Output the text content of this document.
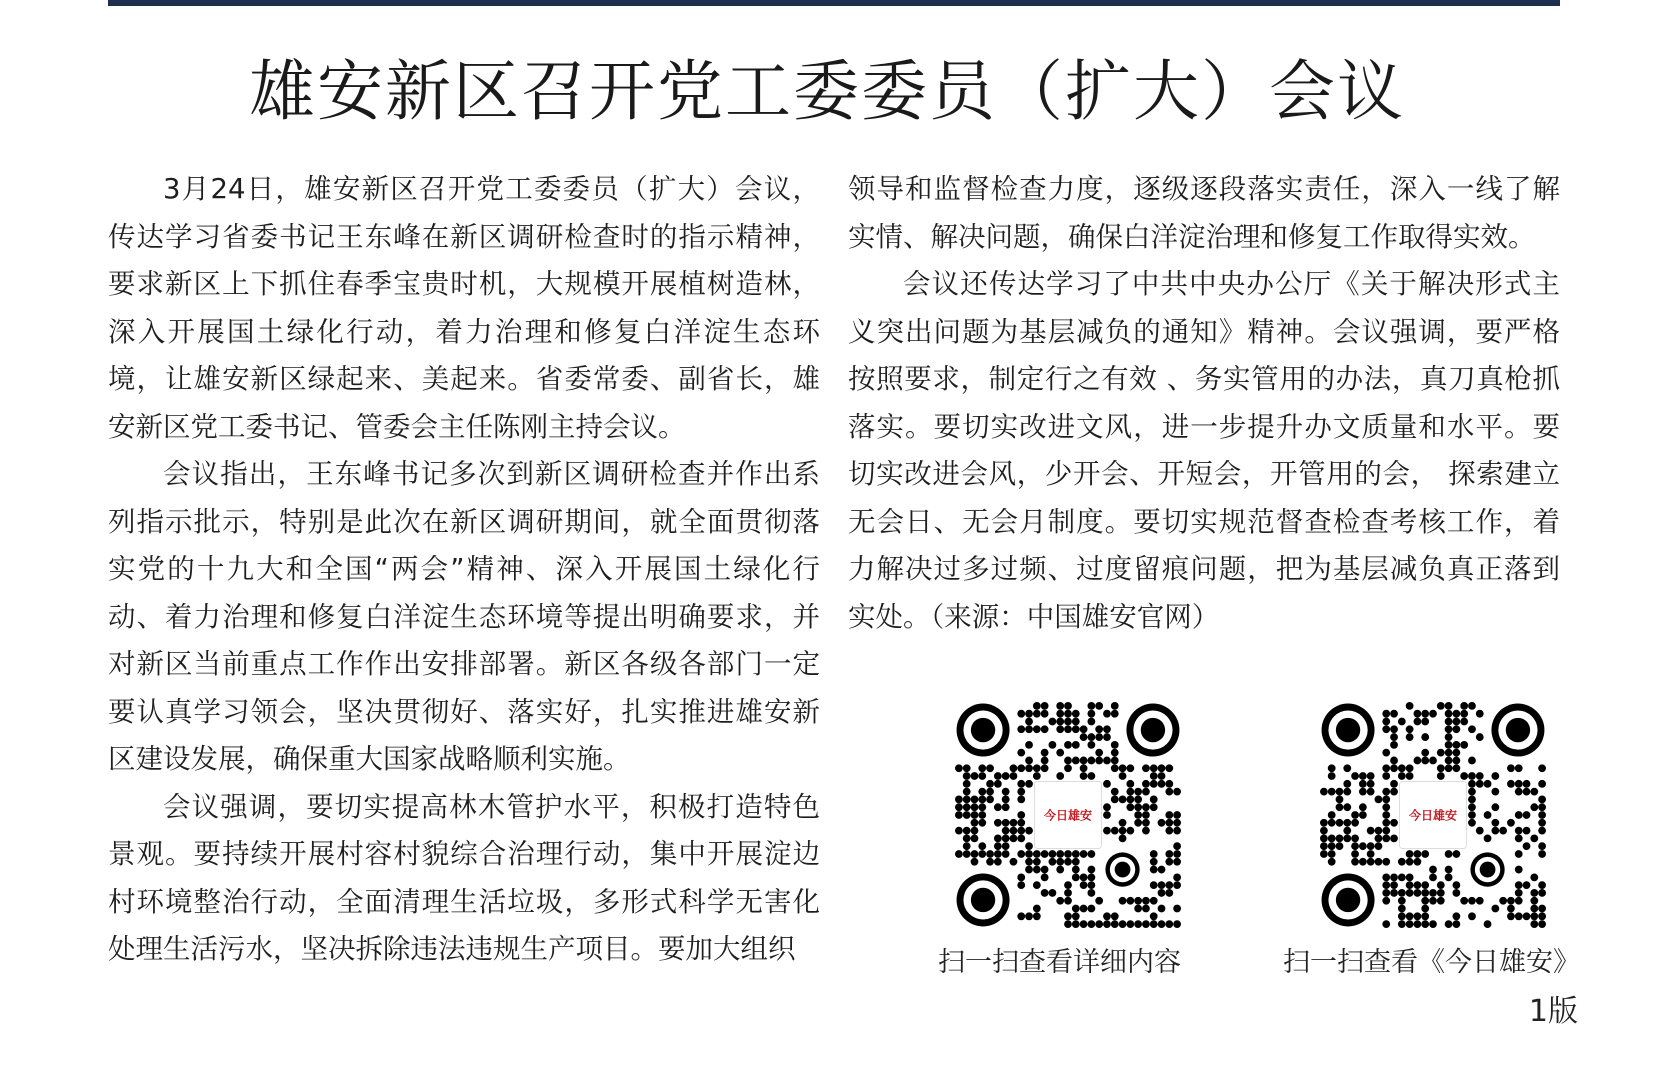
雄安新区召开党工委委员（扩大）会议

3月24日，雄安新区召开党工委委员（扩大）会议，传达学习省委书记王东峰在新区调研检查时的指示精神，要求新区上下抓住春季宝贵时机，大规模开展植树造林，深入开展国土绿化行动，着力治理和修复白洋淀生态环境，让雄安新区绿起来、美起来。省委常委、副省长，雄安新区党工委书记、管委会主任陈刚主持会议。

会议指出，王东峰书记多次到新区调研检查并作出系列指示批示，特别是此次在新区调研期间，就全面贯彻落实党的十九大和全国“两会”精神、深入开展国土绿化行动、着力治理和修复白洋淀生态环境等提出明确要求，并对新区当前重点工作作出安排部署。新区各级各部门一定要认真学习领会，坚决贯彻好、落实好，扎实推进雄安新区建设发展，确保重大国家战略顺利实施。

会议强调，要切实提高林木管护水平，积极打造特色景观。要持续开展村容村貌综合治理行动，集中开展淀边村环境整治行动，全面清理生活垃圾，多形式科学无害化处理生活污水，坚决拆除违法违规生产项目。要加大组织

领导和监督检查力度，逐级逐段落实责任，深入一线了解实情、解决问题，确保白洋淀治理和修复工作取得实效。

会议还传达学习了中共中央办公厅《关于解决形式主义突出问题为基层减负的通知》精神。会议强调，要严格按照要求，制定行之有效 、务实管用的办法，真刀真枪抓落实。要切实改进文风，进一步提升办文质量和水平。要切实改进会风，少开会、开短会，开管用的会， 探索建立无会日、无会月制度。要切实规范督查检查考核工作，着力解决过多过频、过度留痕问题，把为基层减负真正落到实处。（来源：中国雄安官网）

今日雄安	今日雄安
扫一扫查看详细内容	扫一扫查看《今日雄安》
1版
